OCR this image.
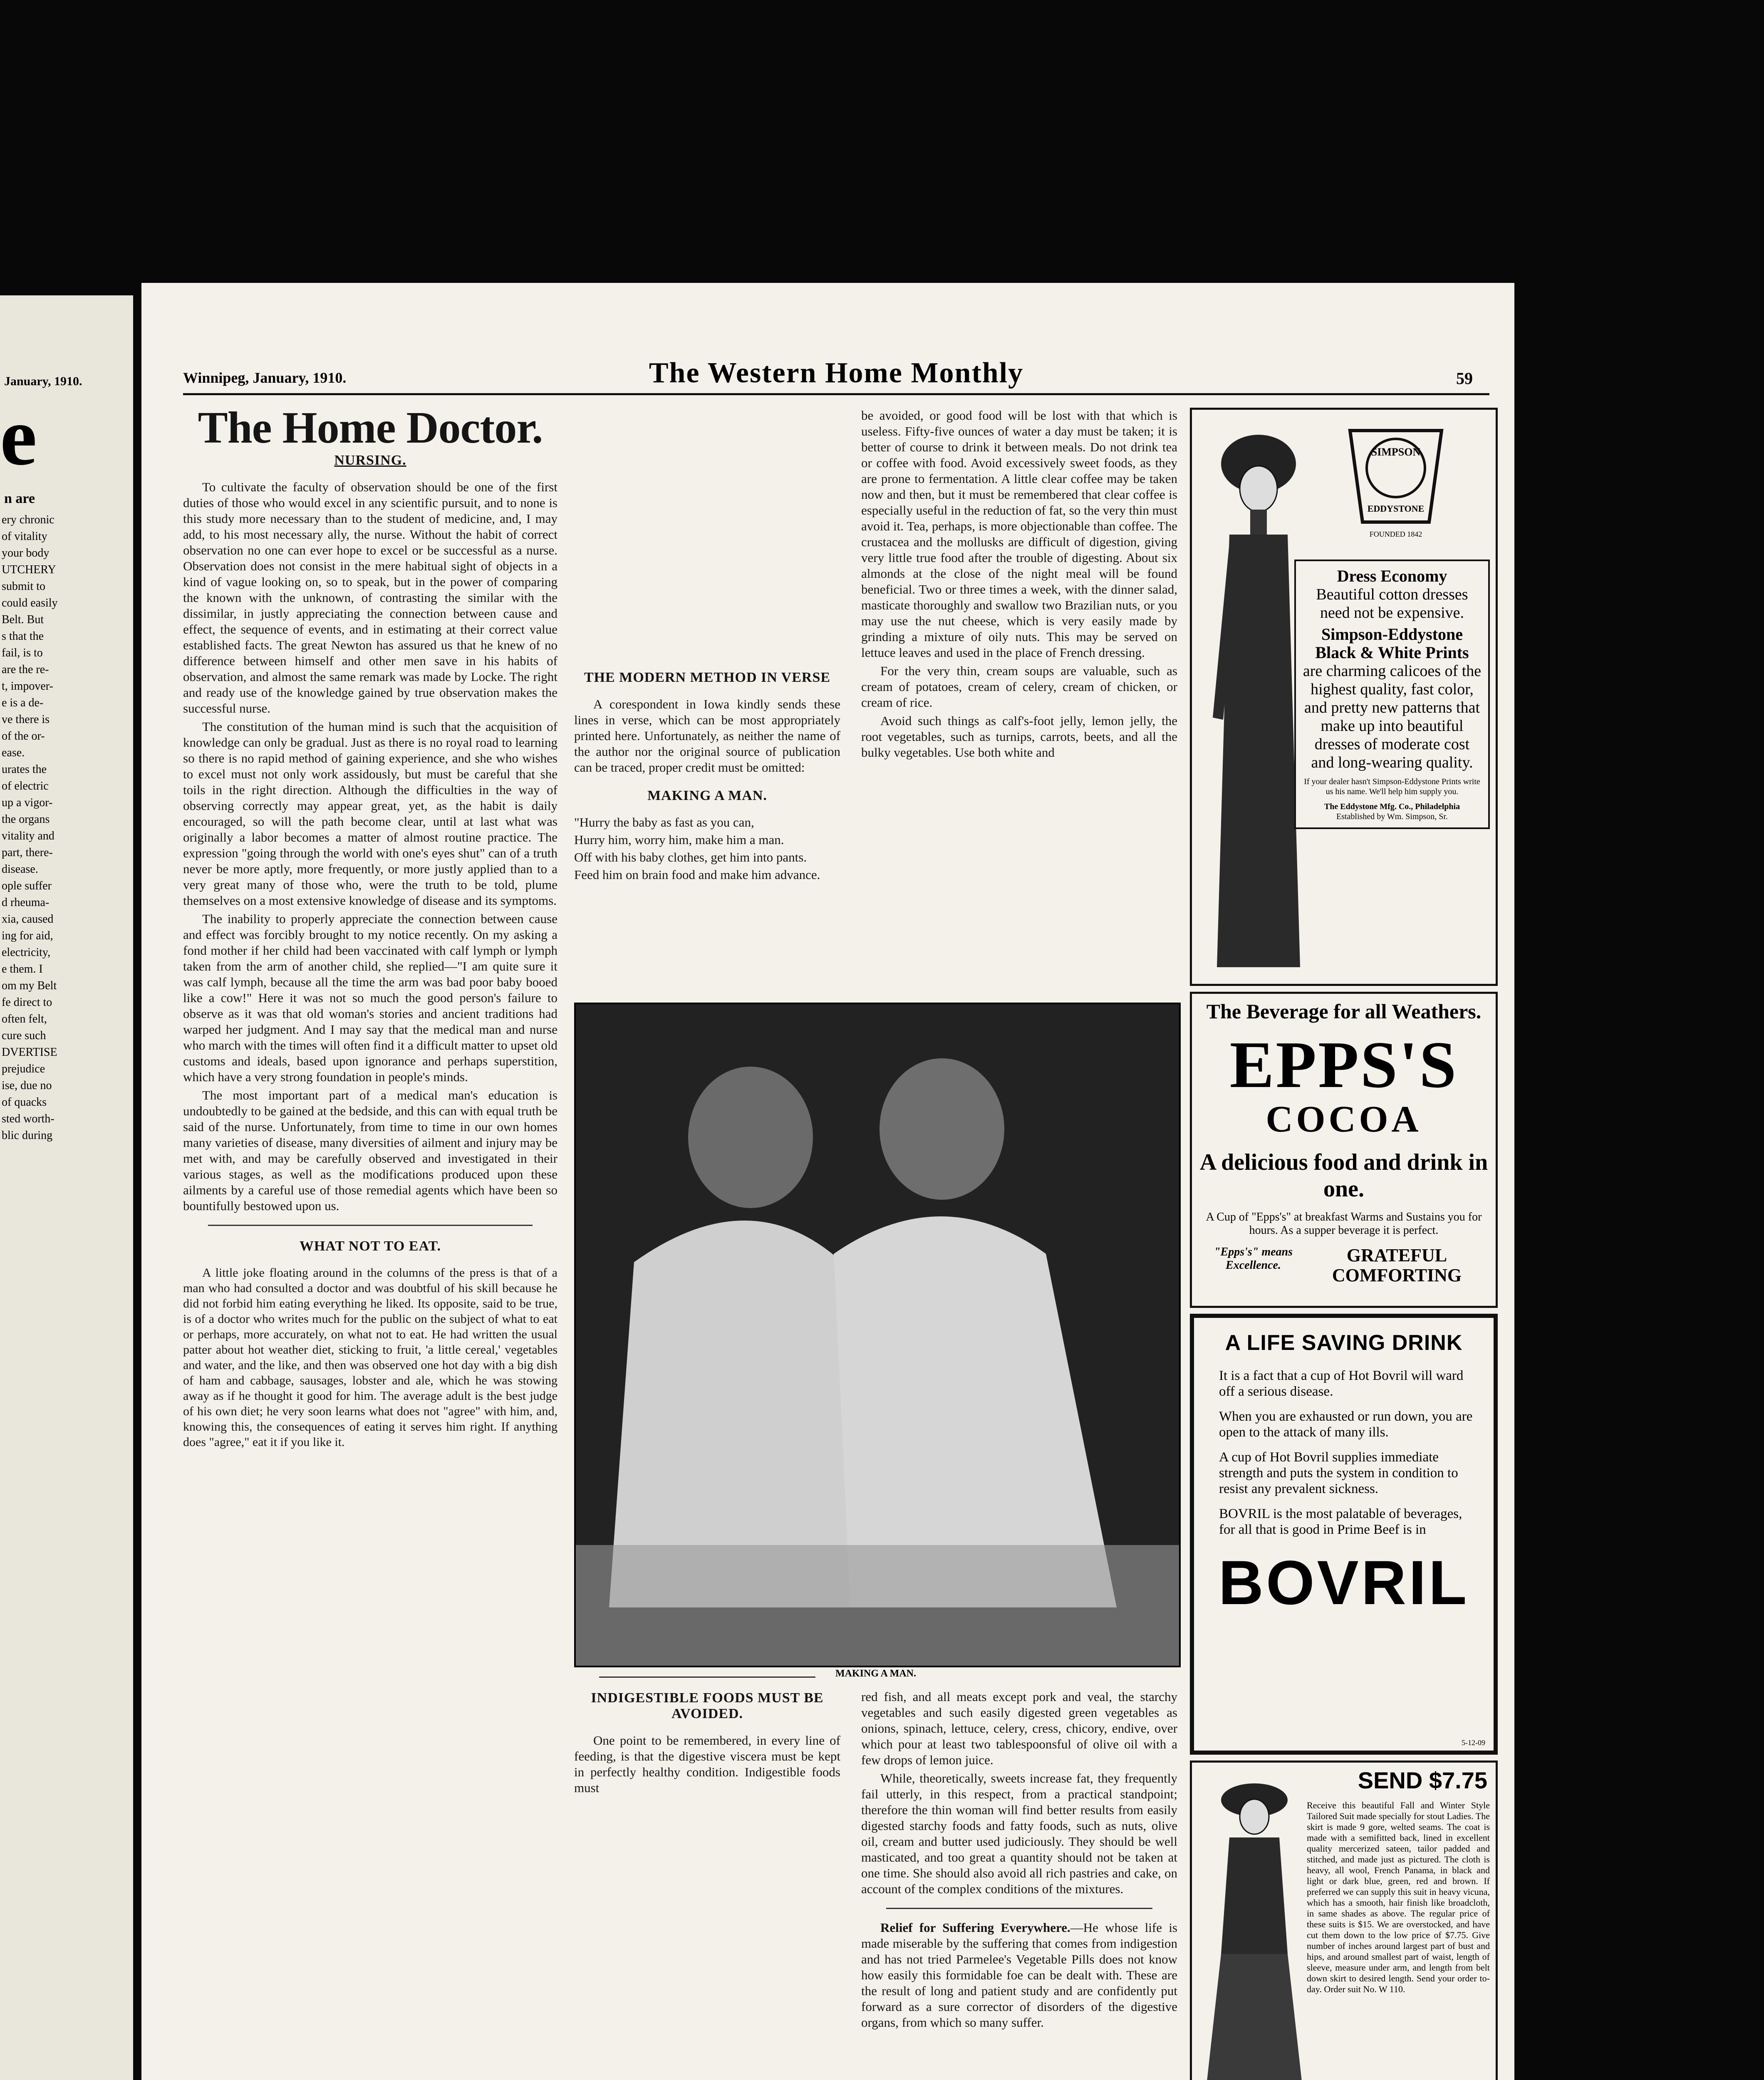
January, 1910.
e
n are
ery chronic
of vitality
your body
UTCHERY
submit to
could easily
Belt. But
s that the
fail, is to
are the re-
t, impover-
e is a de-
ve there is
of the or-
ease.
urates the
of electric
up a vigor-
the organs
vitality and
part, there-
disease.
ople suffer
d rheuma-
xia, caused
ing for aid,
electricity,
e them. I
om my Belt
fe direct to
often felt,
cure such
DVERTISE
prejudice
ise, due no
of quacks
sted worth-
blic during
Winnipeg, January, 1910.	The Western Home Monthly	59
The Home Doctor.
NURSING.

To cultivate the faculty of observation should be one of the first duties of those who would excel in any scientific pursuit, and to none is this study more necessary than to the student of medicine, and, I may add, to his most necessary ally, the nurse. Without the habit of correct observation no one can ever hope to excel or be successful as a nurse. Observation does not consist in the mere habitual sight of objects in a kind of vague looking on, so to speak, but in the power of comparing the known with the unknown, of contrasting the similar with the dissimilar, in justly appreciating the connection between cause and effect, the sequence of events, and in estimating at their correct value established facts. The great Newton has assured us that he knew of no difference between himself and other men save in his habits of observation, and almost the same remark was made by Locke. The right and ready use of the knowledge gained by true observation makes the successful nurse.

The constitution of the human mind is such that the acquisition of knowledge can only be gradual. Just as there is no royal road to learning so there is no rapid method of gaining experience, and she who wishes to excel must not only work assidously, but must be careful that she toils in the right direction. Although the difficulties in the way of observing correctly may appear great, yet, as the habit is daily encouraged, so will the path become clear, until at last what was originally a labor becomes a matter of almost routine practice. The expression "going through the world with one's eyes shut" can of a truth never be more aptly, more frequently, or more justly applied than to a very great many of those who, were the truth to be told, plume themselves on a most extensive knowledge of disease and its symptoms.

The inability to properly appreciate the connection between cause and effect was forcibly brought to my notice recently. On my asking a fond mother if her child had been vaccinated with calf lymph or lymph taken from the arm of another child, she replied—"I am quite sure it was calf lymph, because all the time the arm was bad poor baby booed like a cow!" Here it was not so much the good person's failure to observe as it was that old woman's stories and ancient traditions had warped her judgment. And I may say that the medical man and nurse who march with the times will often find it a difficult matter to upset old customs and ideals, based upon ignorance and perhaps superstition, which have a very strong foundation in people's minds.

The most important part of a medical man's education is undoubtedly to be gained at the bedside, and this can with equal truth be said of the nurse. Unfortunately, from time to time in our own homes many varieties of disease, many diversities of ailment and injury may be met with, and may be carefully observed and investigated in their various stages, as well as the modifications produced upon these ailments by a careful use of those remedial agents which have been so bountifully bestowed upon us.

WHAT NOT TO EAT.

A little joke floating around in the columns of the press is that of a man who had consulted a doctor and was doubtful of his skill because he did not forbid him eating everything he liked. Its opposite, said to be true, is of a doctor who writes much for the public on the subject of what to eat or perhaps, more accurately, on what not to eat. He had written the usual patter about hot weather diet, sticking to fruit, 'a little cereal,' vegetables and water, and the like, and then was observed one hot day with a big dish of ham and cabbage, sausages, lobster and ale, which he was stowing away as if he thought it good for him. The average adult is the best judge of his own diet; he very soon learns what does not "agree" with him, and, knowing this, the consequences of eating it serves him right. If anything does "agree," eat it if you like it.

THE MODERN METHOD IN VERSE

A corespondent in Iowa kindly sends these lines in verse, which can be most appropriately printed here. Unfortunately, as neither the name of the author nor the original source of publication can be traced, proper credit must be omitted:

MAKING A MAN.

"Hurry the baby as fast as you can,

Hurry him, worry him, make him a man.

Off with his baby clothes, get him into pants.

Feed him on brain food and make him advance.

INDIGESTIBLE FOODS MUST BE AVOIDED.

One point to be remembered, in every line of feeding, is that the digestive viscera must be kept in perfectly healthy condition. Indigestible foods must

be avoided, or good food will be lost with that which is useless. Fifty-five ounces of water a day must be taken; it is better of course to drink it between meals. Do not drink tea or coffee with food. Avoid excessively sweet foods, as they are prone to fermentation. A little clear coffee may be taken now and then, but it must be remembered that clear coffee is especially useful in the reduction of fat, so the very thin must avoid it. Tea, perhaps, is more objectionable than coffee. The crustacea and the mollusks are difficult of digestion, giving very little true food after the trouble of digesting. About six almonds at the close of the night meal will be found beneficial. Two or three times a week, with the dinner salad, masticate thoroughly and swallow two Brazilian nuts, or you may use the nut cheese, which is very easily made by grinding a mixture of oily nuts. This may be served on lettuce leaves and used in the place of French dressing.

For the very thin, cream soups are valuable, such as cream of potatoes, cream of celery, cream of chicken, or cream of rice.

Avoid such things as calf's-foot jelly, lemon jelly, the root vegetables, such as turnips, carrots, beets, and all the bulky vegetables. Use both white and

MAKING A MAN.

red fish, and all meats except pork and veal, the starchy vegetables and such easily digested green vegetables as onions, spinach, lettuce, celery, cress, chicory, endive, over which pour at least two tablespoonsful of olive oil with a few drops of lemon juice.

While, theoretically, sweets increase fat, they frequently fail utterly, in this respect, from a practical standpoint; therefore the thin woman will find better results from easily digested starchy foods and fatty foods, such as nuts, olive oil, cream and butter used judiciously. They should be well masticated, and too great a quantity should not be taken at one time. She should also avoid all rich pastries and cake, on account of the complex conditions of the mixtures.

Relief for Suffering Everywhere.—He whose life is made miserable by the suffering that comes from indigestion and has not tried Parmelee's Vegetable Pills does not know how easily this formidable foe can be dealt with. These are the result of long and patient study and are confidently put forward as a sure corrector of disorders of the digestive organs, from which so many suffer.

SIMPSON
EDDYSTONE
FOUNDED 1842
Dress Economy
Beautiful cotton dresses need not be expensive.
Simpson-Eddystone Black & White Prints
are charming calicoes of the highest quality, fast color, and pretty new patterns that make up into beautiful dresses of moderate cost and long-wearing quality.
If your dealer hasn't Simpson-Eddystone Prints write us his name. We'll help him supply you.
The Eddystone Mfg. Co., Philadelphia
Established by Wm. Simpson, Sr.
The Beverage for all Weathers.
EPPS'S
COCOA
A delicious food and drink in one.
A Cup of "Epps's" at breakfast Warms and Sustains you for hours. As a supper beverage it is perfect.
"Epps's" means Excellence.	GRATEFUL COMFORTING
A LIFE SAVING DRINK
It is a fact that a cup of Hot Bovril will ward off a serious disease.
When you are exhausted or run down, you are open to the attack of many ills.
A cup of Hot Bovril supplies immediate strength and puts the system in condition to resist any prevalent sickness.
BOVRIL is the most palatable of beverages, for all that is good in Prime Beef is in
BOVRIL
5-12-09
SEND $7.75
Receive this beautiful Fall and Winter Style Tailored Suit made specially for stout Ladies. The skirt is made 9 gore, welted seams. The coat is made with a semifitted back, lined in excellent quality mercerized sateen, tailor padded and stitched, and made just as pictured. The cloth is heavy, all wool, French Panama, in black and light or dark blue, green, red and brown. If preferred we can supply this suit in heavy vicuna, which has a smooth, hair finish like broadcloth, in same shades as above. The regular price of these suits is $15. We are overstocked, and have cut them down to the low price of $7.75. Give number of inches around largest part of bust and hips, and around smallest part of waist, length of sleeve, measure under arm, and length from belt down skirt to desired length. Send your order to-day. Order suit No. W 110.
